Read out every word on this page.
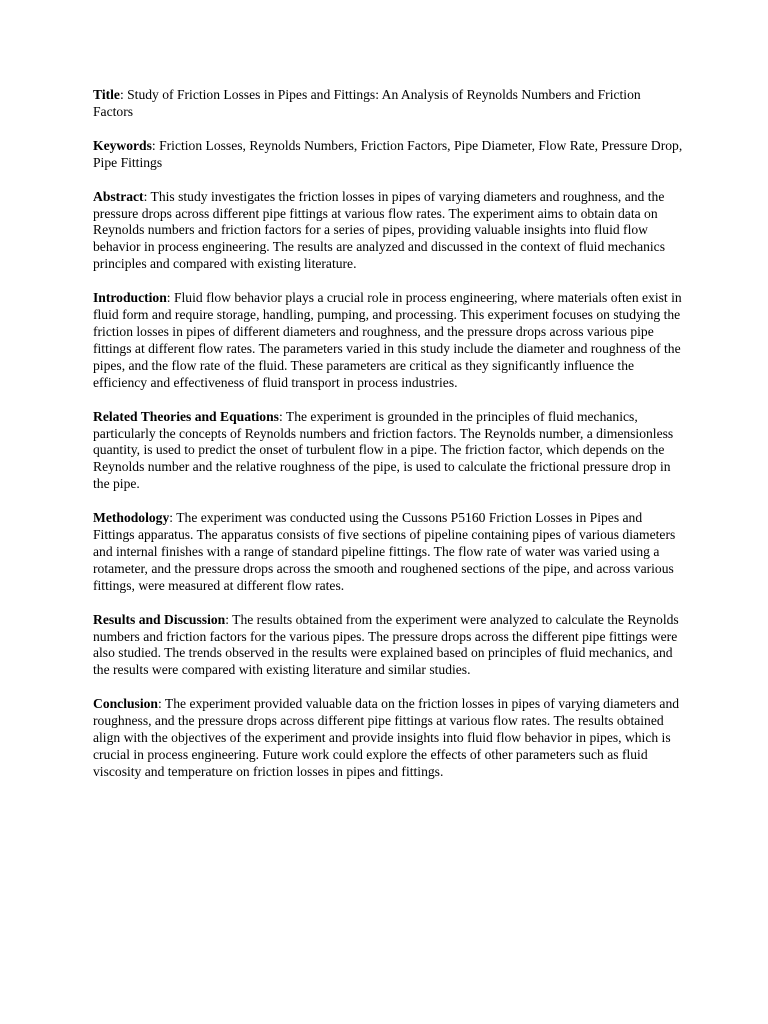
Title: Study of Friction Losses in Pipes and Fittings: An Analysis of Reynolds Numbers and Friction Factors

Keywords: Friction Losses, Reynolds Numbers, Friction Factors, Pipe Diameter, Flow Rate, Pressure Drop, Pipe Fittings

Abstract: This study investigates the friction losses in pipes of varying diameters and roughness, and the pressure drops across different pipe fittings at various flow rates. The experiment aims to obtain data on Reynolds numbers and friction factors for a series of pipes, providing valuable insights into fluid flow behavior in process engineering. The results are analyzed and discussed in the context of fluid mechanics principles and compared with existing literature.

Introduction: Fluid flow behavior plays a crucial role in process engineering, where materials often exist in fluid form and require storage, handling, pumping, and processing. This experiment focuses on studying the friction losses in pipes of different diameters and roughness, and the pressure drops across various pipe fittings at different flow rates. The parameters varied in this study include the diameter and roughness of the pipes, and the flow rate of the fluid. These parameters are critical as they significantly influence the efficiency and effectiveness of fluid transport in process industries.

Related Theories and Equations: The experiment is grounded in the principles of fluid mechanics, particularly the concepts of Reynolds numbers and friction factors. The Reynolds number, a dimensionless quantity, is used to predict the onset of turbulent flow in a pipe. The friction factor, which depends on the Reynolds number and the relative roughness of the pipe, is used to calculate the frictional pressure drop in the pipe.

Methodology: The experiment was conducted using the Cussons P5160 Friction Losses in Pipes and Fittings apparatus. The apparatus consists of five sections of pipeline containing pipes of various diameters and internal finishes with a range of standard pipeline fittings. The flow rate of water was varied using a rotameter, and the pressure drops across the smooth and roughened sections of the pipe, and across various fittings, were measured at different flow rates.

Results and Discussion: The results obtained from the experiment were analyzed to calculate the Reynolds numbers and friction factors for the various pipes. The pressure drops across the different pipe fittings were also studied. The trends observed in the results were explained based on principles of fluid mechanics, and the results were compared with existing literature and similar studies.

Conclusion: The experiment provided valuable data on the friction losses in pipes of varying diameters and roughness, and the pressure drops across different pipe fittings at various flow rates. The results obtained align with the objectives of the experiment and provide insights into fluid flow behavior in pipes, which is crucial in process engineering. Future work could explore the effects of other parameters such as fluid viscosity and temperature on friction losses in pipes and fittings.
